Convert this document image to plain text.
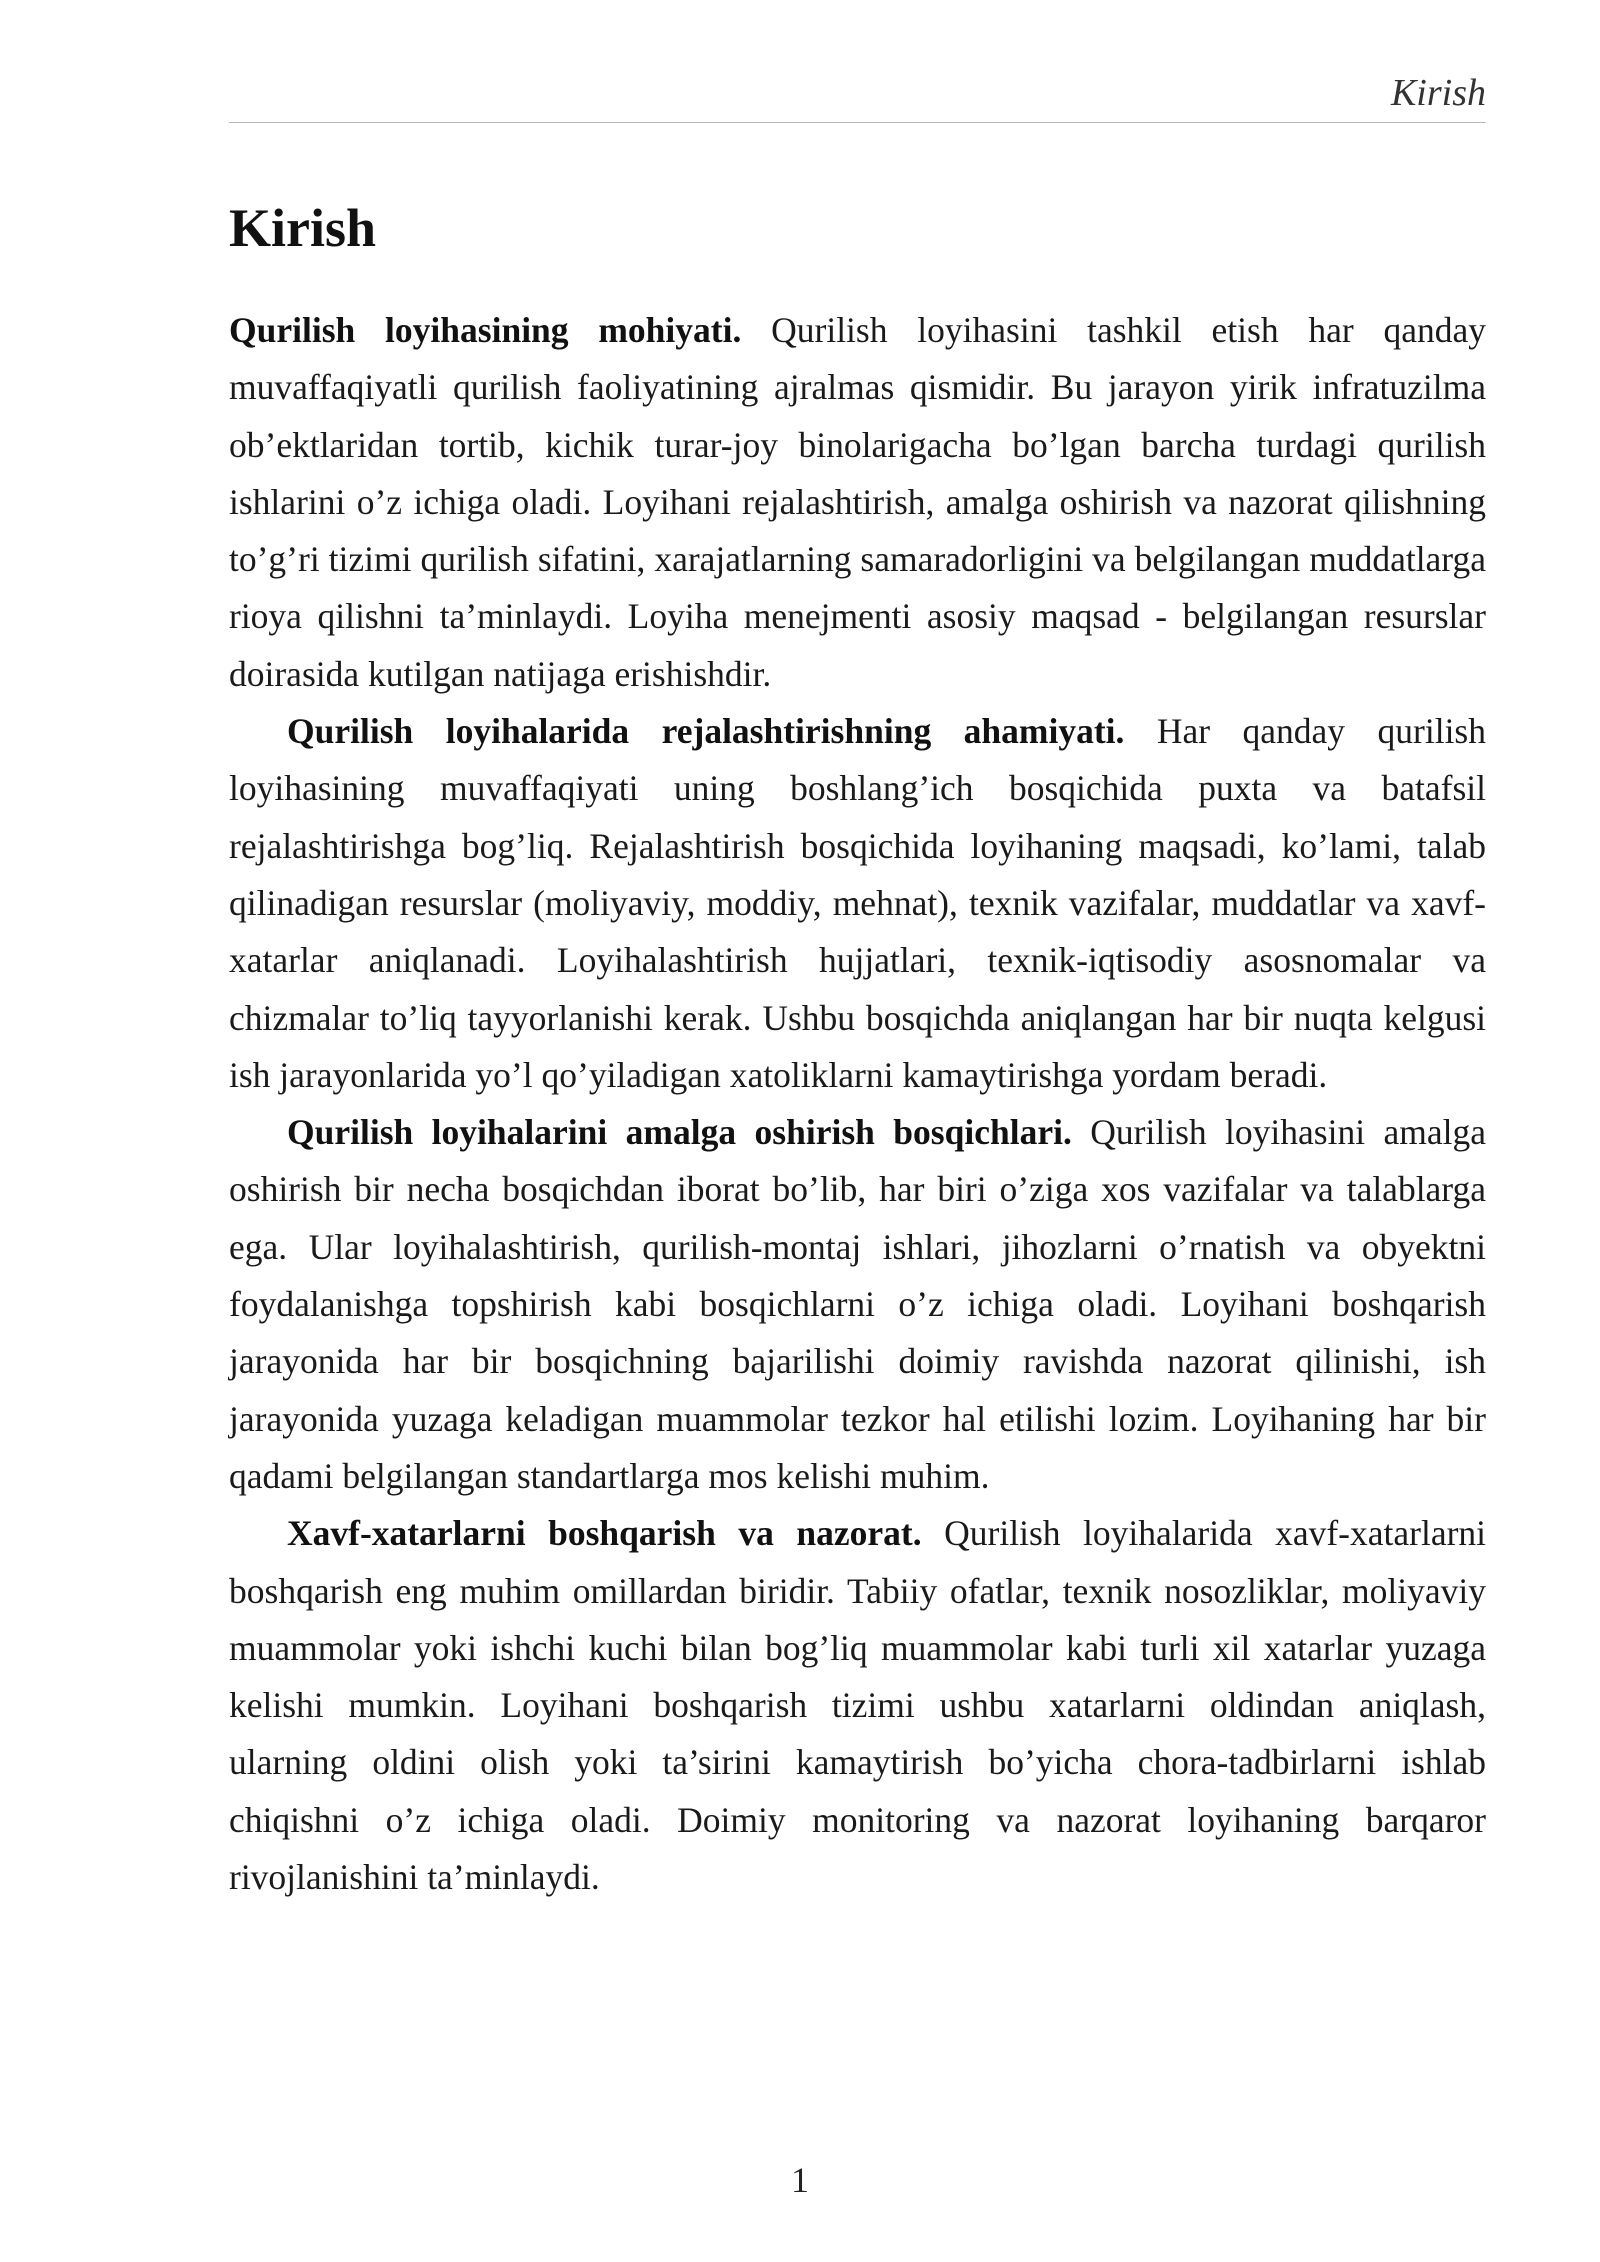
Kirish
Kirish

Qurilish loyihasining mohiyati. Qurilish loyihasini tashkil etish har qanday muvaffaqiyatli qurilish faoliyatining ajralmas qismidir. Bu jarayon yirik infratuzilma ob’ektlaridan tortib, kichik turar-joy binolarigacha bo’lgan barcha turdagi qurilish ishlarini o’z ichiga oladi. Loyihani rejalashtirish, amalga oshirish va nazorat qilishning to’g’ri tizimi qurilish sifatini, xarajatlarning samaradorligini va belgilangan muddatlarga rioya qilishni ta’minlaydi. Loyiha menejmenti asosiy maqsad - belgilangan resurslar doirasida kutilgan natijaga erishishdir.

Qurilish loyihalarida rejalashtirishning ahamiyati. Har qanday qurilish loyihasining muvaffaqiyati uning boshlang’ich bosqichida puxta va batafsil rejalashtirishga bog’liq. Rejalashtirish bosqichida loyihaning maqsadi, ko’lami, talab qilinadigan resurslar (moliyaviy, moddiy, mehnat), texnik vazifalar, muddatlar va xavf-xatarlar aniqlanadi. Loyihalashtirish hujjatlari, texnik-iqtisodiy asosnomalar va chizmalar to’liq tayyorlanishi kerak. Ushbu bosqichda aniqlangan har bir nuqta kelgusi ish jarayonlarida yo’l qo’yiladigan xatoliklarni kamaytirishga yordam beradi.

Qurilish loyihalarini amalga oshirish bosqichlari. Qurilish loyihasini amalga oshirish bir necha bosqichdan iborat bo’lib, har biri o’ziga xos vazifalar va talablarga ega. Ular loyihalashtirish, qurilish-montaj ishlari, jihozlarni o’rnatish va obyektni foydalanishga topshirish kabi bosqichlarni o’z ichiga oladi. Loyihani boshqarish jarayonida har bir bosqichning bajarilishi doimiy ravishda nazorat qilinishi, ish jarayonida yuzaga keladigan muammolar tezkor hal etilishi lozim. Loyihaning har bir qadami belgilangan standartlarga mos kelishi muhim.

Xavf-xatarlarni boshqarish va nazorat. Qurilish loyihalarida xavf-xatarlarni boshqarish eng muhim omillardan biridir. Tabiiy ofatlar, texnik nosozliklar, moliyaviy muammolar yoki ishchi kuchi bilan bog’liq muammolar kabi turli xil xatarlar yuzaga kelishi mumkin. Loyihani boshqarish tizimi ushbu xatarlarni oldindan aniqlash, ularning oldini olish yoki ta’sirini kamaytirish bo’yicha chora-tadbirlarni ishlab chiqishni o’z ichiga oladi. Doimiy monitoring va nazorat loyihaning barqaror rivojlanishini ta’minlaydi.

1
